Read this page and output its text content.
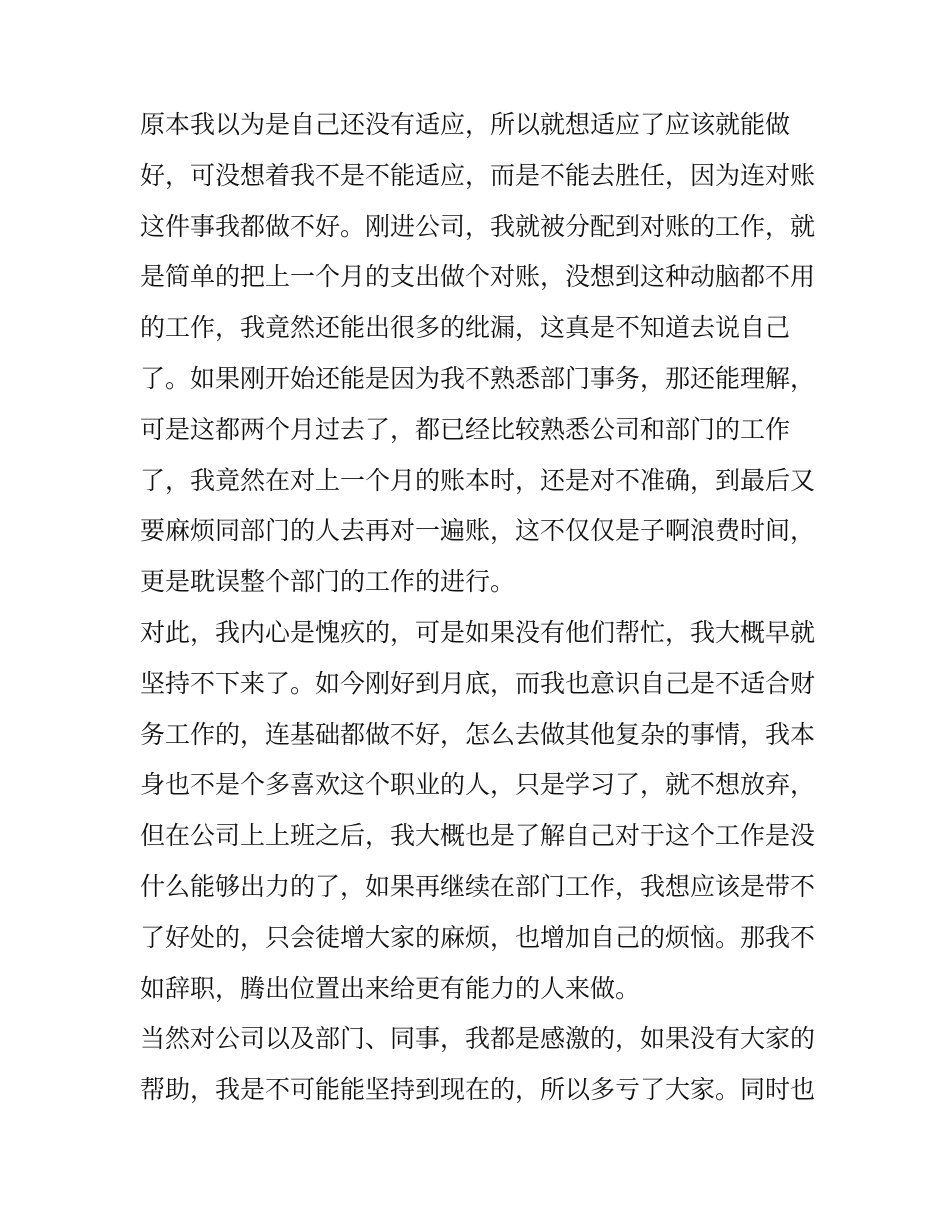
原本我以为是自己还没有适应，所以就想适应了应该就能做
好，可没想着我不是不能适应，而是不能去胜任，因为连对账
这件事我都做不好。刚进公司，我就被分配到对账的工作，就
是简单的把上一个月的支出做个对账，没想到这种动脑都不用
的工作，我竟然还能出很多的纰漏，这真是不知道去说自己
了。如果刚开始还能是因为我不熟悉部门事务，那还能理解，
可是这都两个月过去了，都已经比较熟悉公司和部门的工作
了，我竟然在对上一个月的账本时，还是对不准确，到最后又
要麻烦同部门的人去再对一遍账，这不仅仅是子啊浪费时间，
更是耽误整个部门的工作的进行。
对此，我内心是愧疚的，可是如果没有他们帮忙，我大概早就
坚持不下来了。如今刚好到月底，而我也意识自己是不适合财
务工作的，连基础都做不好，怎么去做其他复杂的事情，我本
身也不是个多喜欢这个职业的人，只是学习了，就不想放弃，
但在公司上上班之后，我大概也是了解自己对于这个工作是没
什么能够出力的了，如果再继续在部门工作，我想应该是带不
了好处的，只会徒增大家的麻烦，也增加自己的烦恼。那我不
如辞职，腾出位置出来给更有能力的人来做。
当然对公司以及部门、同事，我都是感激的，如果没有大家的
帮助，我是不可能能坚持到现在的，所以多亏了大家。同时也
